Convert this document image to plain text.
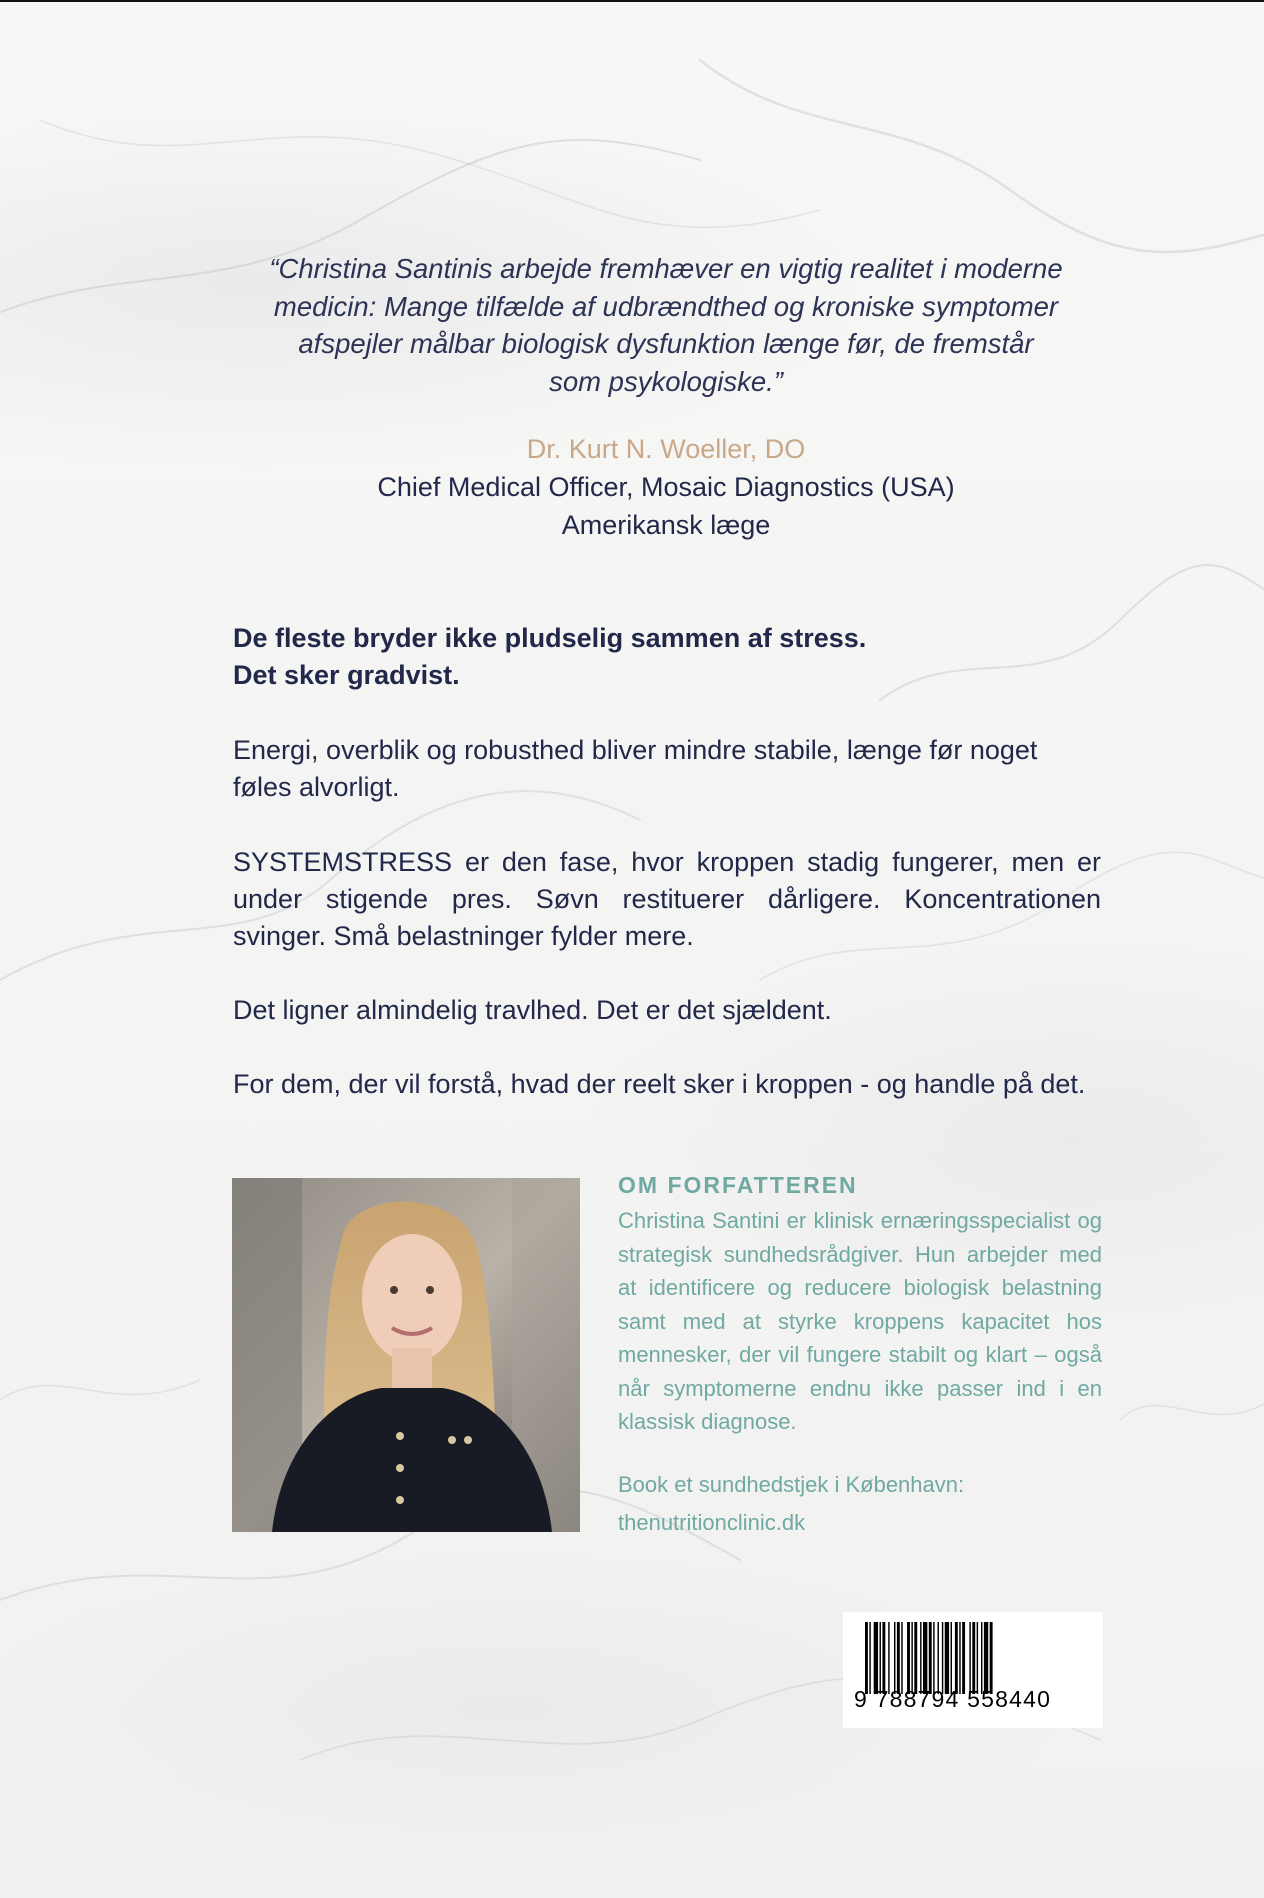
“Christina Santinis arbejde fremhæver en vigtig realitet i moderne
medicin: Mange tilfælde af udbrændthed og kroniske symptomer
afspejler målbar biologisk dysfunktion længe før, de fremstår
som psykologiske.”
Dr. Kurt N. Woeller, DO
Chief Medical Officer, Mosaic Diagnostics (USA)
Amerikansk læge
De fleste bryder ikke pludselig sammen af stress.
Det sker gradvist.
Energi, overblik og robusthed bliver mindre stabile, længe før noget føles alvorligt.
SYSTEMSTRESS er den fase, hvor kroppen stadig fungerer, men er under stigende pres. Søvn restituerer dårligere. Koncentrationen svinger. Små belastninger fylder mere.
Det ligner almindelig travlhed. Det er det sjældent.
For dem, der vil forstå, hvad der reelt sker i kroppen - og handle på det.
OM FORFATTEREN
Christina Santini er klinisk ernæringsspecialist og strategisk sundhedsrådgiver. Hun arbejder med at identificere og reducere biologisk belastning samt med at styrke kroppens kapacitet hos mennesker, der vil fungere stabilt og klart – også når symptomerne endnu ikke passer ind i en klassisk diagnose.
Book et sundhedstjek i København:
thenutritionclinic.dk
9 788794 558440
